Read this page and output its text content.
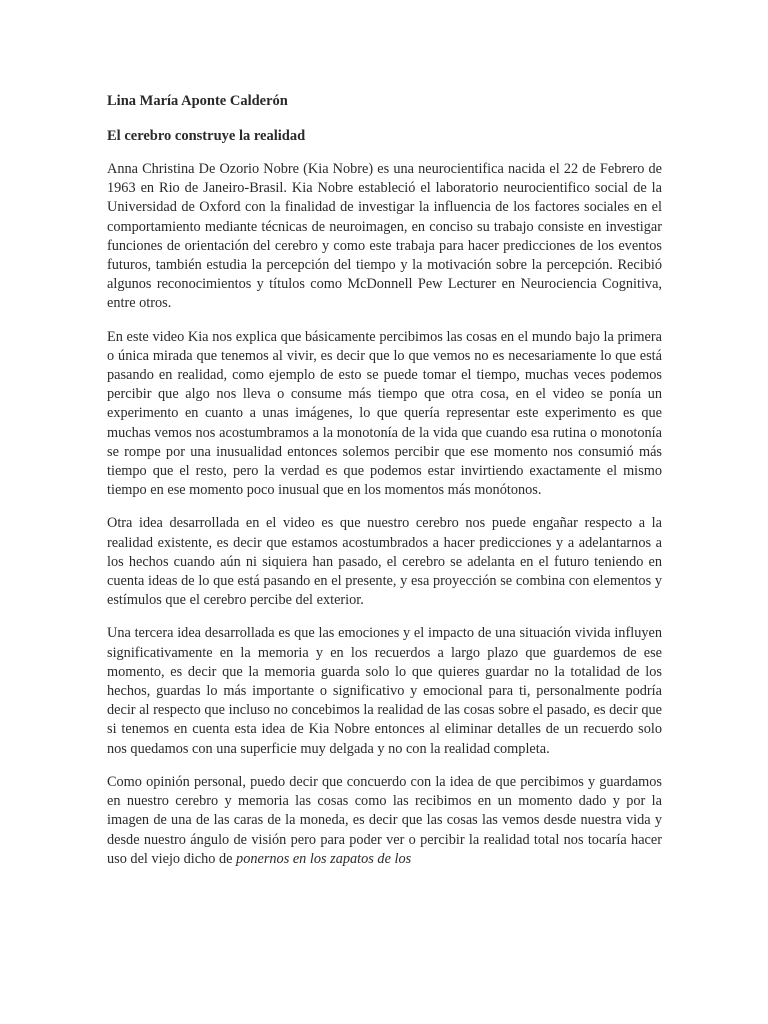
Lina María Aponte Calderón

El cerebro construye la realidad

Anna Christina De Ozorio Nobre (Kia Nobre) es una neurocientifica nacida el 22 de Febrero de 1963 en Rio de Janeiro-Brasil. Kia Nobre estableció el laboratorio neurocientifico social de la Universidad de Oxford con la finalidad de investigar la influencia de los factores sociales en el comportamiento mediante técnicas de neuroimagen, en conciso su trabajo consiste en investigar funciones de orientación del cerebro y como este trabaja para hacer predicciones de los eventos futuros, también estudia la percepción del tiempo y la motivación sobre la percepción. Recibió algunos reconocimientos y títulos como McDonnell Pew Lecturer en Neurociencia Cognitiva, entre otros.

En este video Kia nos explica que básicamente percibimos las cosas en el mundo bajo la primera o única mirada que tenemos al vivir, es decir que lo que vemos no es necesariamente lo que está pasando en realidad, como ejemplo de esto se puede tomar el tiempo, muchas veces podemos percibir que algo nos lleva o consume más tiempo que otra cosa, en el video se ponía un experimento en cuanto a unas imágenes, lo que quería representar este experimento es que muchas vemos nos acostumbramos a la monotonía de la vida que cuando esa rutina o monotonía se rompe por una inusualidad entonces solemos percibir que ese momento nos consumió más tiempo que el resto, pero la verdad es que podemos estar invirtiendo exactamente el mismo tiempo en ese momento poco inusual que en los momentos más monótonos.

Otra idea desarrollada en el video es que nuestro cerebro nos puede engañar respecto a la realidad existente, es decir que estamos acostumbrados a hacer predicciones y a adelantarnos a los hechos cuando aún ni siquiera han pasado, el cerebro se adelanta en el futuro teniendo en cuenta ideas de lo que está pasando en el presente, y esa proyección se combina con elementos y estímulos que el cerebro percibe del exterior.

Una tercera idea desarrollada es que las emociones y el impacto de una situación vivida influyen significativamente en la memoria y en los recuerdos a largo plazo que guardemos de ese momento, es decir que la memoria guarda solo lo que quieres guardar no la totalidad de los hechos, guardas lo más importante o significativo y emocional para ti, personalmente podría decir al respecto que incluso no concebimos la realidad de las cosas sobre el pasado, es decir que si tenemos en cuenta esta idea de Kia Nobre entonces al eliminar detalles de un recuerdo solo nos quedamos con una superficie muy delgada y no con la realidad completa.

Como opinión personal, puedo decir que concuerdo con la idea de que percibimos y guardamos en nuestro cerebro y memoria las cosas como las recibimos en un momento dado y por la imagen de una de las caras de la moneda, es decir que las cosas las vemos desde nuestra vida y desde nuestro ángulo de visión pero para poder ver o percibir la realidad total nos tocaría hacer uso del viejo dicho de ponernos en los zapatos de los
